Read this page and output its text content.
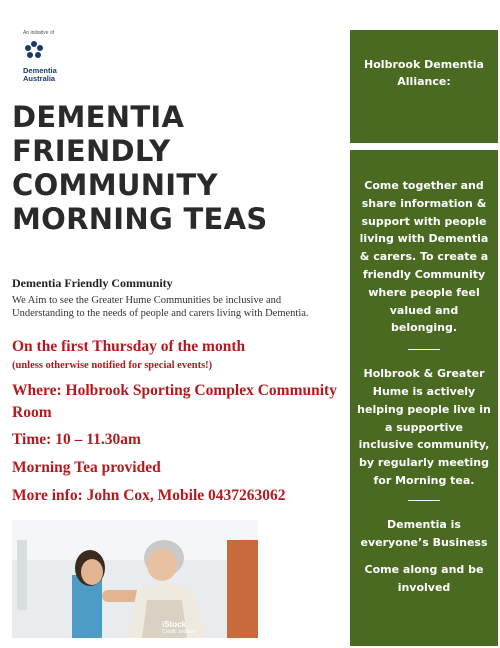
An initiative of
Dementia
Australia
DEMENTIA
FRIENDLY
COMMUNITY
MORNING TEAS
Dementia Friendly Community
We Aim to see the Greater Hume Communities be inclusive and Understanding to the needs of people and carers living with Dementia.
On the first Thursday of the month
(unless otherwise notified for special events!)
Where: Holbrook Sporting Complex Community Room
Time: 10 – 11.30am
Morning Tea provided
More info: John Cox, Mobile 0437263062
iStock
Credit: andresr
Holbrook Dementia Alliance:
Come together and share information & support with people living with Dementia & carers. To create a friendly Community where people feel valued and belonging.
Holbrook & Greater Hume is actively helping people live in a supportive inclusive community, by regularly meeting for Morning tea.
Dementia is everyone’s Business
Come along and be involved
